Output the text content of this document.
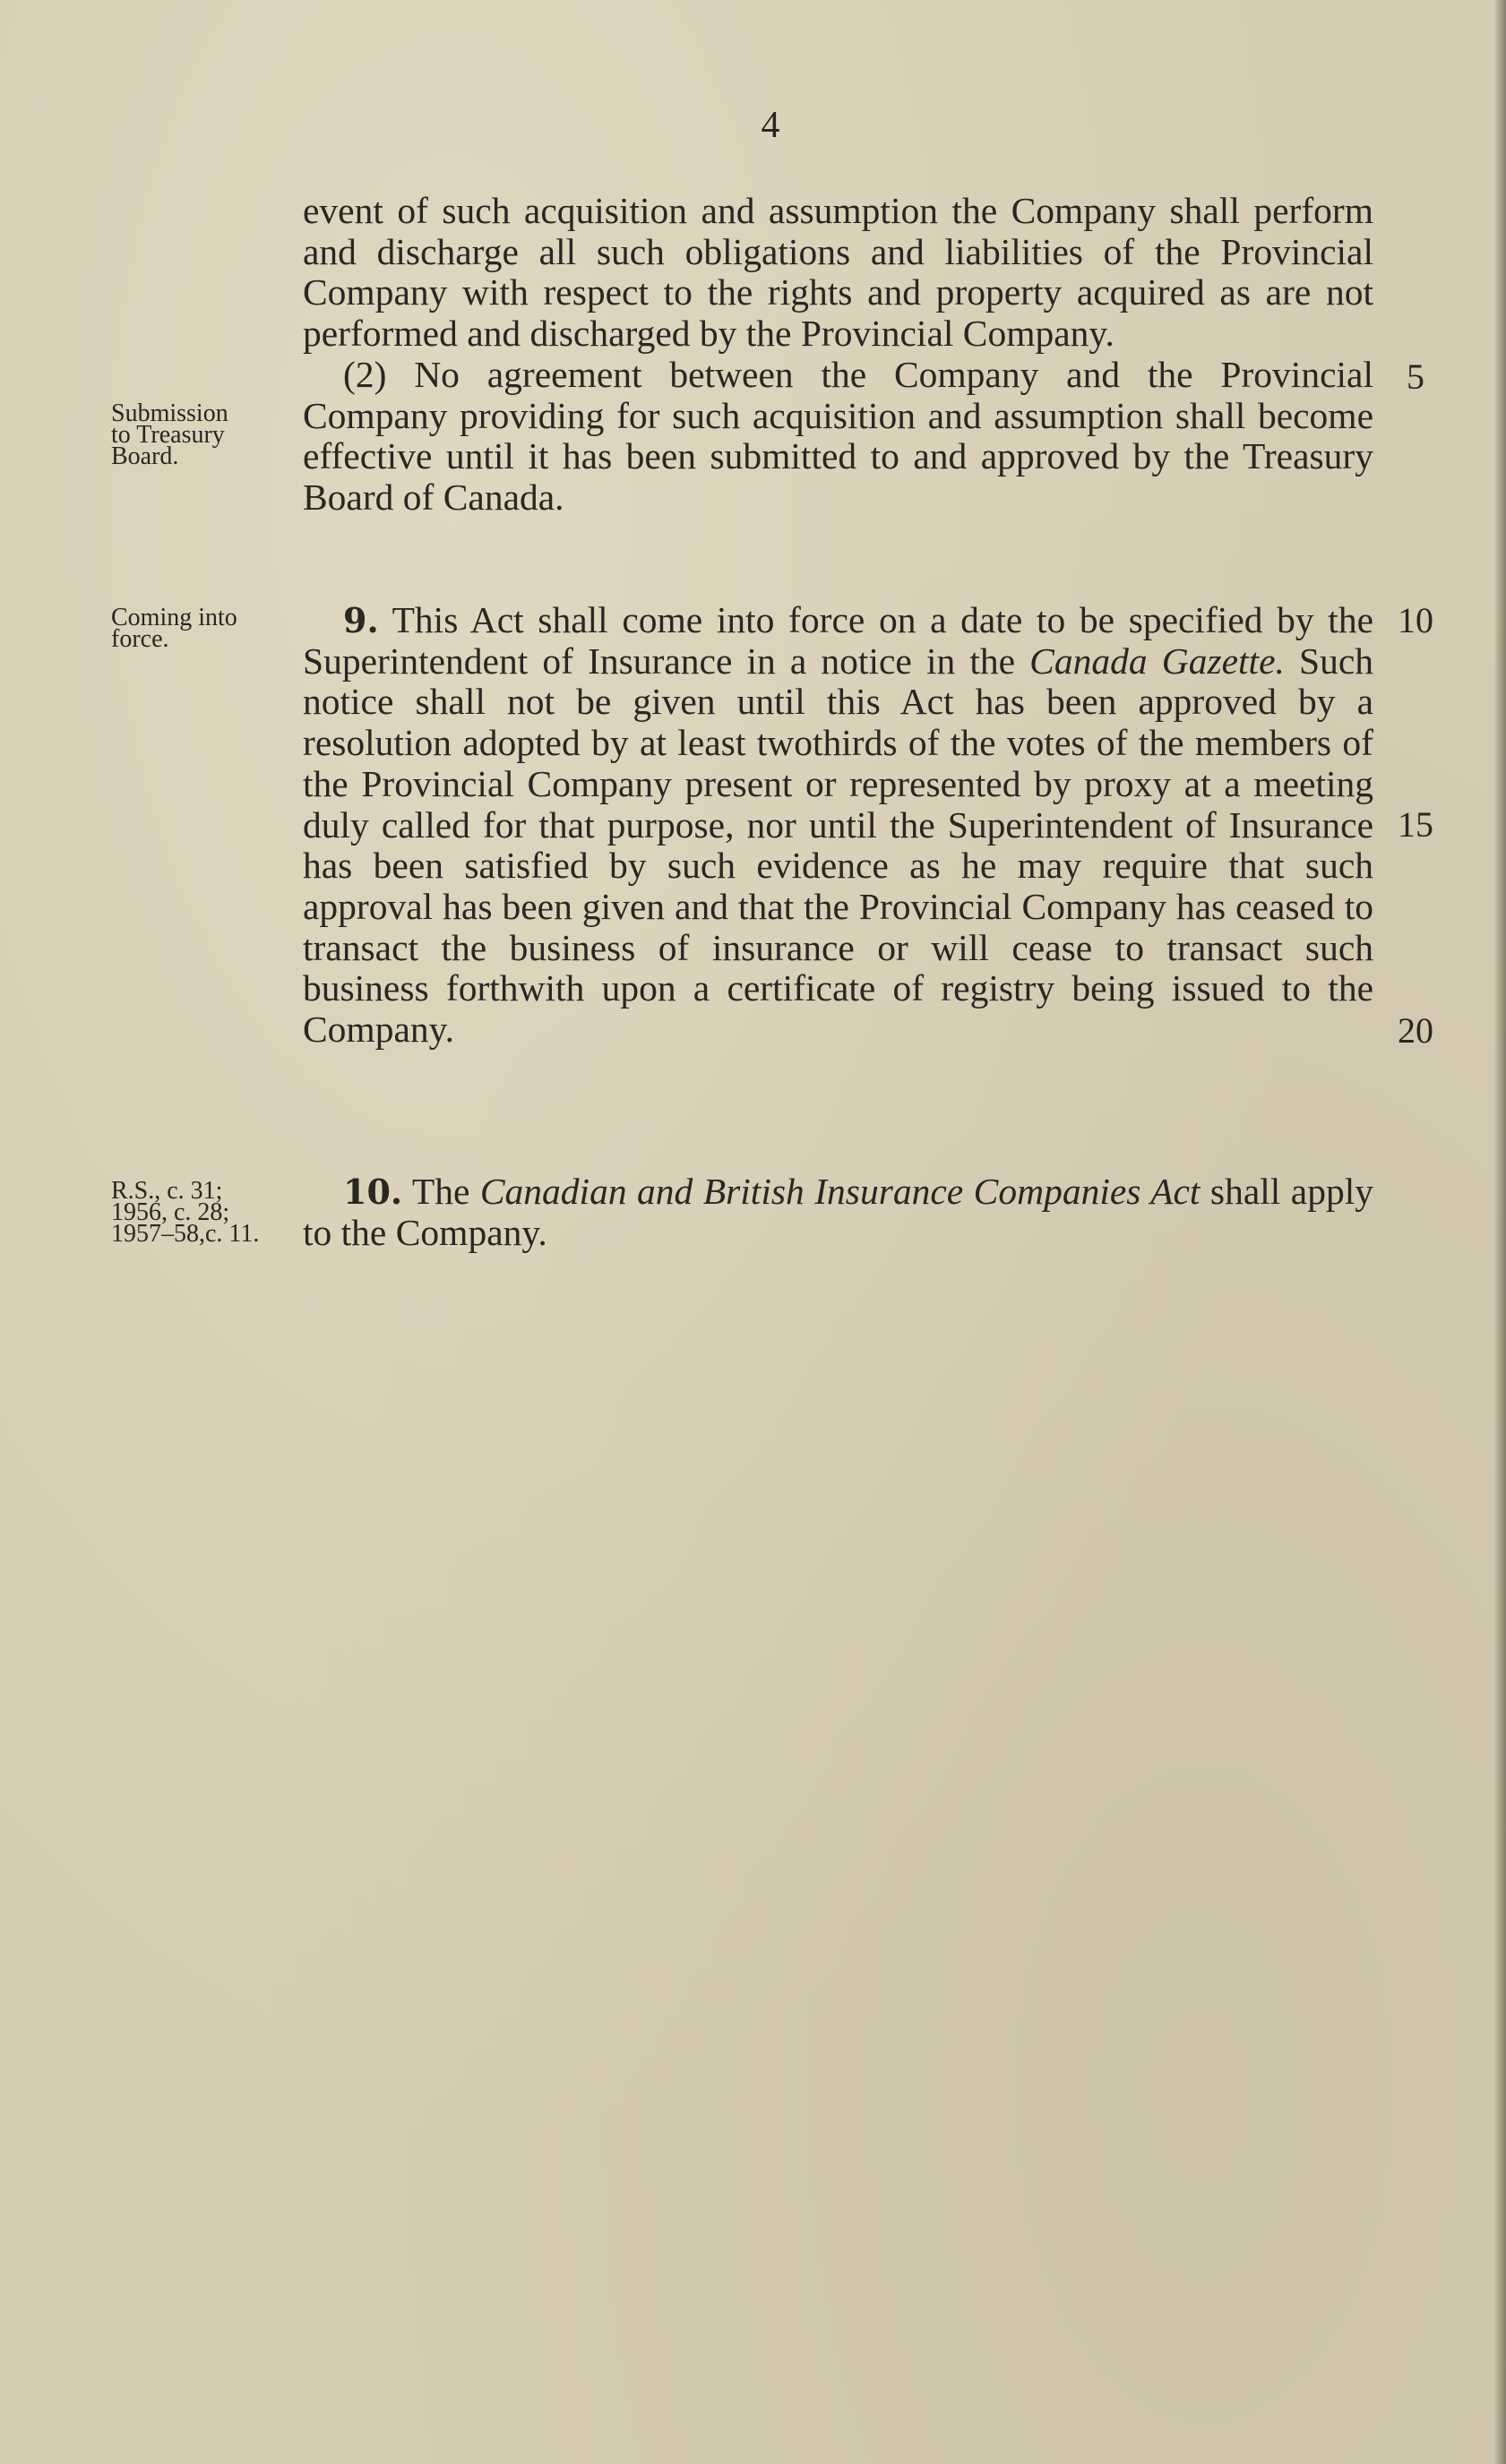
4

event of such acquisition and assumption the Company shall perform and discharge all such obligations and liabilities of the Provincial Company with respect to the rights and property acquired as are not performed and discharged by the Provincial Company.

(2) No agreement between the Company and the Provincial Company providing for such acquisition and assumption shall become effective until it has been submitted to and approved by the Treasury Board of Canada.

9. This Act shall come into force on a date to be specified by the Superintendent of Insurance in a notice in the Canada Gazette. Such notice shall not be given until this Act has been approved by a resolution adopted by at least twothirds of the votes of the members of the Provincial Company present or represented by proxy at a meeting duly called for that purpose, nor until the Superintendent of Insurance has been satisfied by such evidence as he may require that such approval has been given and that the Provincial Company has ceased to transact the business of insurance or will cease to transact such business forthwith upon a certificate of registry being issued to the Company.

10. The Canadian and British Insurance Companies Act shall apply to the Company.

Submission
to Treasury
Board.
Coming into
force.
R.S., c. 31;
1956, c. 28;
1957–58,c. 11.
5
10
15
20
